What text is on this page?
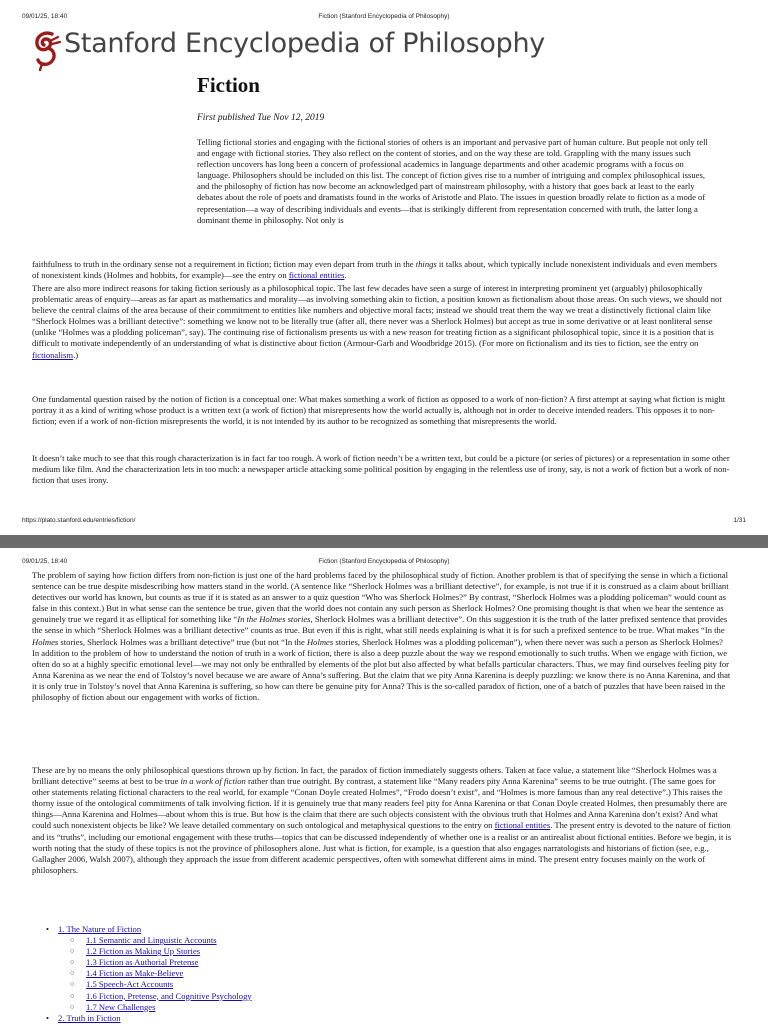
09/01/25, 18:40	Fiction (Stanford Encyclopedia of Philosophy)
Stanford Encyclopedia of Philosophy
Fiction
First published Tue Nov 12, 2019

Telling fictional stories and engaging with the fictional stories of others is an important and pervasive part of human culture. But people not only tell and engage with fictional stories. They also reflect on the content of stories, and on the way these are told. Grappling with the many issues such reflection uncovers has long been a concern of professional academics in language departments and other academic programs with a focus on language. Philosophers should be included on this list. The concept of fiction gives rise to a number of intriguing and complex philosophical issues, and the philosophy of fiction has now become an acknowledged part of mainstream philosophy, with a history that goes back at least to the early debates about the role of poets and dramatists found in the works of Aristotle and Plato. The issues in question broadly relate to fiction as a mode of representation—a way of describing individuals and events—that is strikingly different from representation concerned with truth, the latter long a dominant theme in philosophy. Not only is

faithfulness to truth in the ordinary sense not a requirement in fiction; fiction may even depart from truth in the things it talks about, which typically include nonexistent individuals and even members of nonexistent kinds (Holmes and hobbits, for example)—see the entry on fictional entities.

There are also more indirect reasons for taking fiction seriously as a philosophical topic. The last few decades have seen a surge of interest in interpreting prominent yet (arguably) philosophically problematic areas of enquiry—areas as far apart as mathematics and morality—as involving something akin to fiction, a position known as fictionalism about those areas. On such views, we should not believe the central claims of the area because of their commitment to entities like numbers and objective moral facts; instead we should treat them the way we treat a distinctively fictional claim like “Sherlock Holmes was a brilliant detective”: something we know not to be literally true (after all, there never was a Sherlock Holmes) but accept as true in some derivative or at least nonliteral sense (unlike “Holmes was a plodding policeman”, say). The continuing rise of fictionalism presents us with a new reason for treating fiction as a significant philosophical topic, since it is a position that is difficult to motivate independently of an understanding of what is distinctive about fiction (Armour-Garb and Woodbridge 2015). (For more on fictionalism and its ties to fiction, see the entry on fictionalism.)

One fundamental question raised by the notion of fiction is a conceptual one: What makes something a work of fiction as opposed to a work of non-fiction? A first attempt at saying what fiction is might portray it as a kind of writing whose product is a written text (a work of fiction) that misrepresents how the world actually is, although not in order to deceive intended readers. This opposes it to non-fiction; even if a work of non-fiction misrepresents the world, it is not intended by its author to be recognized as something that misrepresents the world.

It doesn’t take much to see that this rough characterization is in fact far too rough. A work of fiction needn’t be a written text, but could be a picture (or series of pictures) or a representation in some other medium like film. And the characterization lets in too much: a newspaper article attacking some political position by engaging in the relentless use of irony, say, is not a work of fiction but a work of non-fiction that uses irony.

https://plato.stanford.edu/entries/fiction/	1/31
09/01/25, 18:40	Fiction (Stanford Encyclopedia of Philosophy)

The problem of saying how fiction differs from non-fiction is just one of the hard problems faced by the philosophical study of fiction. Another problem is that of specifying the sense in which a fictional sentence can be true despite misdescribing how matters stand in the world. (A sentence like “Sherlock Holmes was a brilliant detective”, for example, is not true if it is construed as a claim about brilliant detectives our world has known, but counts as true if it is stated as an answer to a quiz question “Who was Sherlock Holmes?” By contrast, “Sherlock Holmes was a plodding policeman” would count as false in this context.) But in what sense can the sentence be true, given that the world does not contain any such person as Sherlock Holmes? One promising thought is that when we hear the sentence as genuinely true we regard it as elliptical for something like “In the Holmes stories, Sherlock Holmes was a brilliant detective”. On this suggestion it is the truth of the latter prefixed sentence that provides the sense in which “Sherlock Holmes was a brilliant detective” counts as true. But even if this is right, what still needs explaining is what it is for such a prefixed sentence to be true. What makes “In the Holmes stories, Sherlock Holmes was a brilliant detective” true (but not “In the Holmes stories, Sherlock Holmes was a plodding policeman”), when there never was such a person as Sherlock Holmes? In addition to the problem of how to understand the notion of truth in a work of fiction, there is also a deep puzzle about the way we respond emotionally to such truths. When we engage with fiction, we often do so at a highly specific emotional level—we may not only be enthralled by elements of the plot but also affected by what befalls particular characters. Thus, we may find ourselves feeling pity for Anna Karenina as we near the end of Tolstoy’s novel because we are aware of Anna’s suffering. But the claim that we pity Anna Karenina is deeply puzzling: we know there is no Anna Karenina, and that it is only true in Tolstoy’s novel that Anna Karenina is suffering, so how can there be genuine pity for Anna? This is the so-called paradox of fiction, one of a batch of puzzles that have been raised in the philosophy of fiction about our engagement with works of fiction.

These are by no means the only philosophical questions thrown up by fiction. In fact, the paradox of fiction immediately suggests others. Taken at face value, a statement like “Sherlock Holmes was a brilliant detective” seems at best to be true in a work of fiction rather than true outright. By contrast, a statement like “Many readers pity Anna Karenina” seems to be true outright. (The same goes for other statements relating fictional characters to the real world, for example “Conan Doyle created Holmes”, “Frodo doesn’t exist”, and “Holmes is more famous than any real detective”.) This raises the thorny issue of the ontological commitments of talk involving fiction. If it is genuinely true that many readers feel pity for Anna Karenina or that Conan Doyle created Holmes, then presumably there are things—Anna Karenina and Holmes—about whom this is true. But how is the claim that there are such objects consistent with the obvious truth that Holmes and Anna Karenina don’t exist? And what could such nonexistent objects be like? We leave detailed commentary on such ontological and metaphysical questions to the entry on fictional entities. The present entry is devoted to the nature of fiction and its “truths”, including our emotional engagement with these truths—topics that can be discussed independently of whether one is a realist or an antirealist about fictional entities. Before we begin, it is worth noting that the study of these topics is not the province of philosophers alone. Just what is fiction, for example, is a question that also engages narratologists and historians of fiction (see, e.g., Gallagher 2006, Walsh 2007), although they approach the issue from different academic perspectives, often with somewhat different aims in mind. The present entry focuses mainly on the work of philosophers.

• 1. The Nature of Fiction
○ 1.1 Semantic and Linguistic Accounts
○ 1.2 Fiction as Making Up Stories
○ 1.3 Fiction as Authorial Pretense
○ 1.4 Fiction as Make-Believe
○ 1.5 Speech-Act Accounts
○ 1.6 Fiction, Pretense, and Cognitive Psychology
○ 1.7 New Challenges
• 2. Truth in Fiction
